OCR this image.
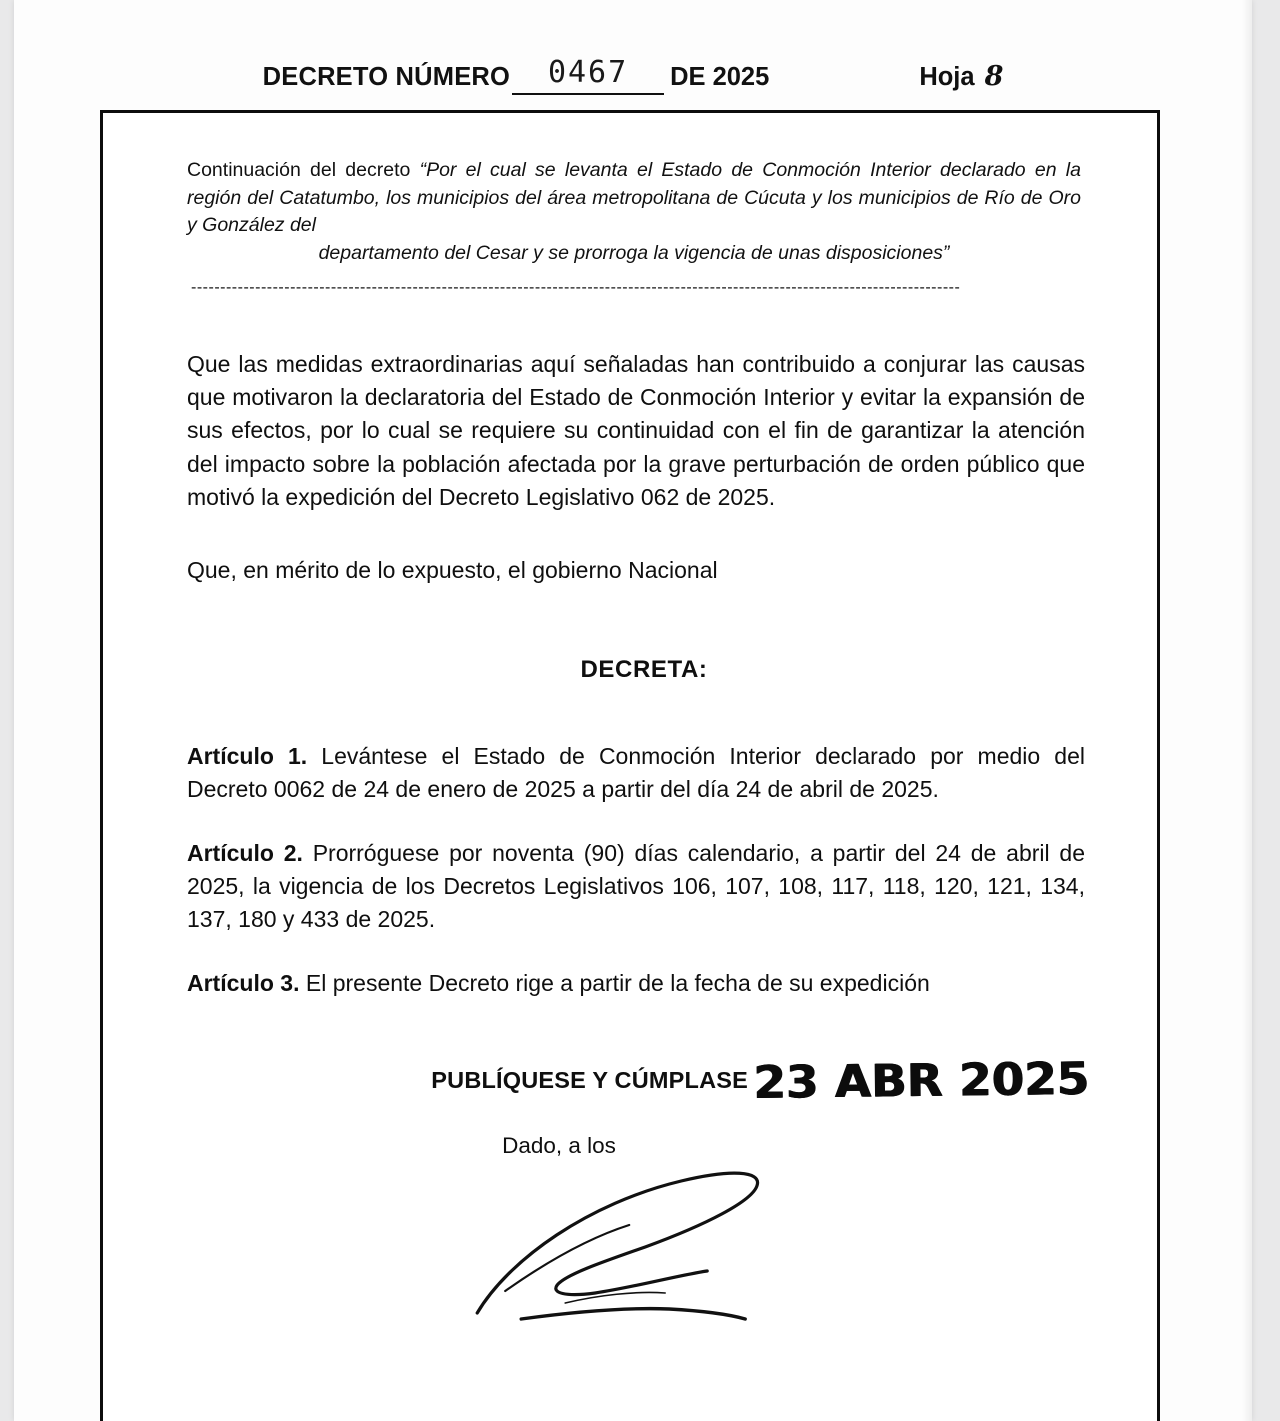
DECRETO NÚMERO	0467	DE 2025	Hoja 8
Continuación del decreto “Por el cual se levanta el Estado de Conmoción Interior declarado en la región del Catatumbo, los municipios del área metropolitana de Cúcuta y los municipios de Río de Oro y González del
departamento del Cesar y se prorroga la vigencia de unas disposiciones”
------------------------------------------------------------------------------------------------------------------------------------

Que las medidas extraordinarias aquí señaladas han contribuido a conjurar las causas que motivaron la declaratoria del Estado de Conmoción Interior y evitar la expansión de sus efectos, por lo cual se requiere su continuidad con el fin de garantizar la atención del impacto sobre la población afectada por la grave perturbación de orden público que motivó la expedición del Decreto Legislativo 062 de 2025.

Que, en mérito de lo expuesto, el gobierno Nacional

DECRETA:

Artículo 1. Levántese el Estado de Conmoción Interior declarado por medio del Decreto 0062 de 24 de enero de 2025 a partir del día 24 de abril de 2025.

Artículo 2. Prorróguese por noventa (90) días calendario, a partir del 24 de abril de 2025, la vigencia de los Decretos Legislativos 106, 107, 108, 117, 118, 120, 121, 134, 137, 180 y 433 de 2025.

Artículo 3. El presente Decreto rige a partir de la fecha de su expedición

PUBLÍQUESE Y CÚMPLASE 23 ABR 2025
Dado, a los
